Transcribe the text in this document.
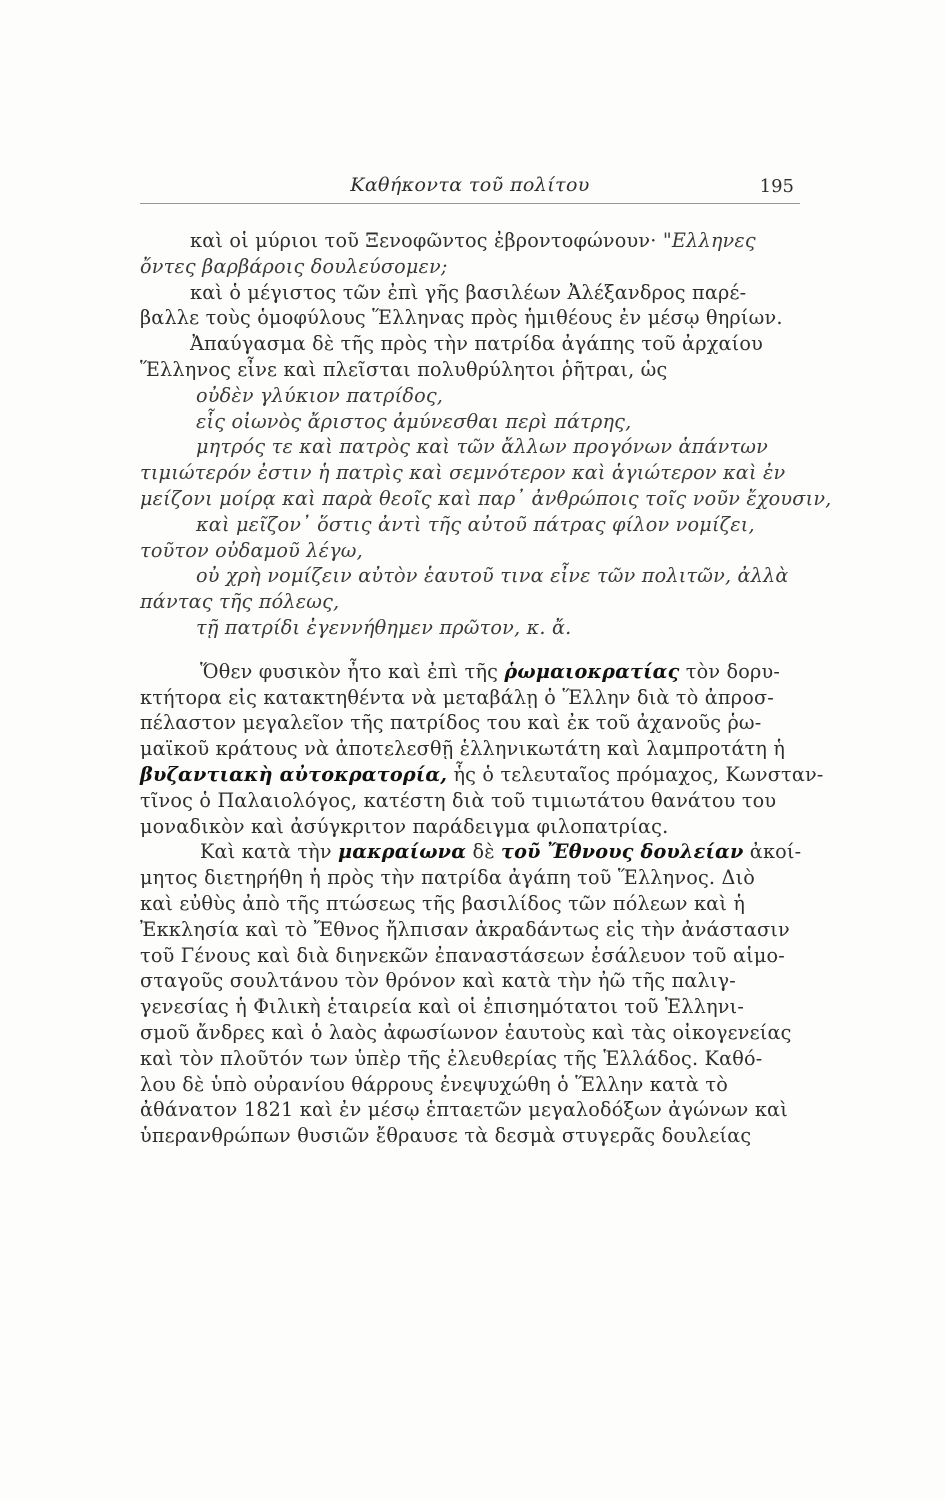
Καθήκοντα τοῦ πολίτου	195
καὶ οἱ μύριοι τοῦ Ξενοφῶντος ἐβροντοφώνουν· "Ελληνες
ὄντες βαρβάροις δουλεύσομεν;
καὶ ὁ μέγιστος τῶν ἐπὶ γῆς βασιλέων Ἀλέξανδρος παρέ-
βαλλε τοὺς ὁμοφύλους Ἕλληνας πρὸς ἡμιθέους ἐν μέσῳ θηρίων.
Ἀπαύγασμα δὲ τῆς πρὸς τὴν πατρίδα ἀγάπης τοῦ ἀρχαίου
Ἕλληνος εἶνε καὶ πλεῖσται πολυθρύλητοι ῥῆτραι, ὡς
οὐδὲν γλύκιον πατρίδος,
εἷς οἰωνὸς ἄριστος ἀμύνεσθαι περὶ πάτρης,
μητρός τε καὶ πατρὸς καὶ τῶν ἄλλων προγόνων ἁπάντων
τιμιώτερόν ἐστιν ἡ πατρὶς καὶ σεμνότερον καὶ ἁγιώτερον καὶ ἐν
μείζονι μοίρᾳ καὶ παρὰ θεοῖς καὶ παρ᾽ ἀνθρώποις τοῖς νοῦν ἔχουσιν,
καὶ μεῖζον᾽ ὅστις ἀντὶ τῆς αὐτοῦ πάτρας φίλον νομίζει,
τοῦτον οὐδαμοῦ λέγω,
οὐ χρὴ νομίζειν αὐτὸν ἑαυτοῦ τινα εἶνε τῶν πολιτῶν, ἀλλὰ
πάντας τῆς πόλεως,
τῇ πατρίδι ἐγεννήθημεν πρῶτον, κ. ἄ.
Ὅθεν φυσικὸν ἦτο καὶ ἐπὶ τῆς ῥωμαιοκρατίας τὸν δορυ-
κτήτορα εἰς κατακτηθέντα νὰ μεταβάλῃ ὁ Ἕλλην διὰ τὸ ἀπροσ-
πέλαστον μεγαλεῖον τῆς πατρίδος του καὶ ἐκ τοῦ ἀχανοῦς ῥω-
μαϊκοῦ κράτους νὰ ἀποτελεσθῇ ἑλληνικωτάτη καὶ λαμπροτάτη ἡ
βυζαντιακὴ αὐτοκρατορία, ἧς ὁ τελευταῖος πρόμαχος, Κωνσταν-
τῖνος ὁ Παλαιολόγος, κατέστη διὰ τοῦ τιμιωτάτου θανάτου του
μοναδικὸν καὶ ἀσύγκριτον παράδειγμα φιλοπατρίας.
Καὶ κατὰ τὴν μακραίωνα δὲ τοῦ Ἔθνους δουλείαν ἀκοί-
μητος διετηρήθη ἡ πρὸς τὴν πατρίδα ἀγάπη τοῦ Ἕλληνος. Διὸ
καὶ εὐθὺς ἀπὸ τῆς πτώσεως τῆς βασιλίδος τῶν πόλεων καὶ ἡ
Ἐκκλησία καὶ τὸ Ἔθνος ἤλπισαν ἀκραδάντως εἰς τὴν ἀνάστασιν
τοῦ Γένους καὶ διὰ διηνεκῶν ἐπαναστάσεων ἐσάλευον τοῦ αἱμο-
σταγοῦς σουλτάνου τὸν θρόνον καὶ κατὰ τὴν ἠῶ τῆς παλιγ-
γενεσίας ἡ Φιλικὴ ἑταιρεία καὶ οἱ ἐπισημότατοι τοῦ Ἑλληνι-
σμοῦ ἄνδρες καὶ ὁ λαὸς ἀφωσίωνον ἑαυτοὺς καὶ τὰς οἰκογενείας
καὶ τὸν πλοῦτόν των ὑπὲρ τῆς ἐλευθερίας τῆς Ἑλλάδος. Καθό-
λου δὲ ὑπὸ οὐρανίου θάρρους ἐνεψυχώθη ὁ Ἕλλην κατὰ τὸ
ἀθάνατον 1821 καὶ ἐν μέσῳ ἑπταετῶν μεγαλοδόξων ἀγώνων καὶ
ὑπερανθρώπων θυσιῶν ἔθραυσε τὰ δεσμὰ στυγερᾶς δουλείας
